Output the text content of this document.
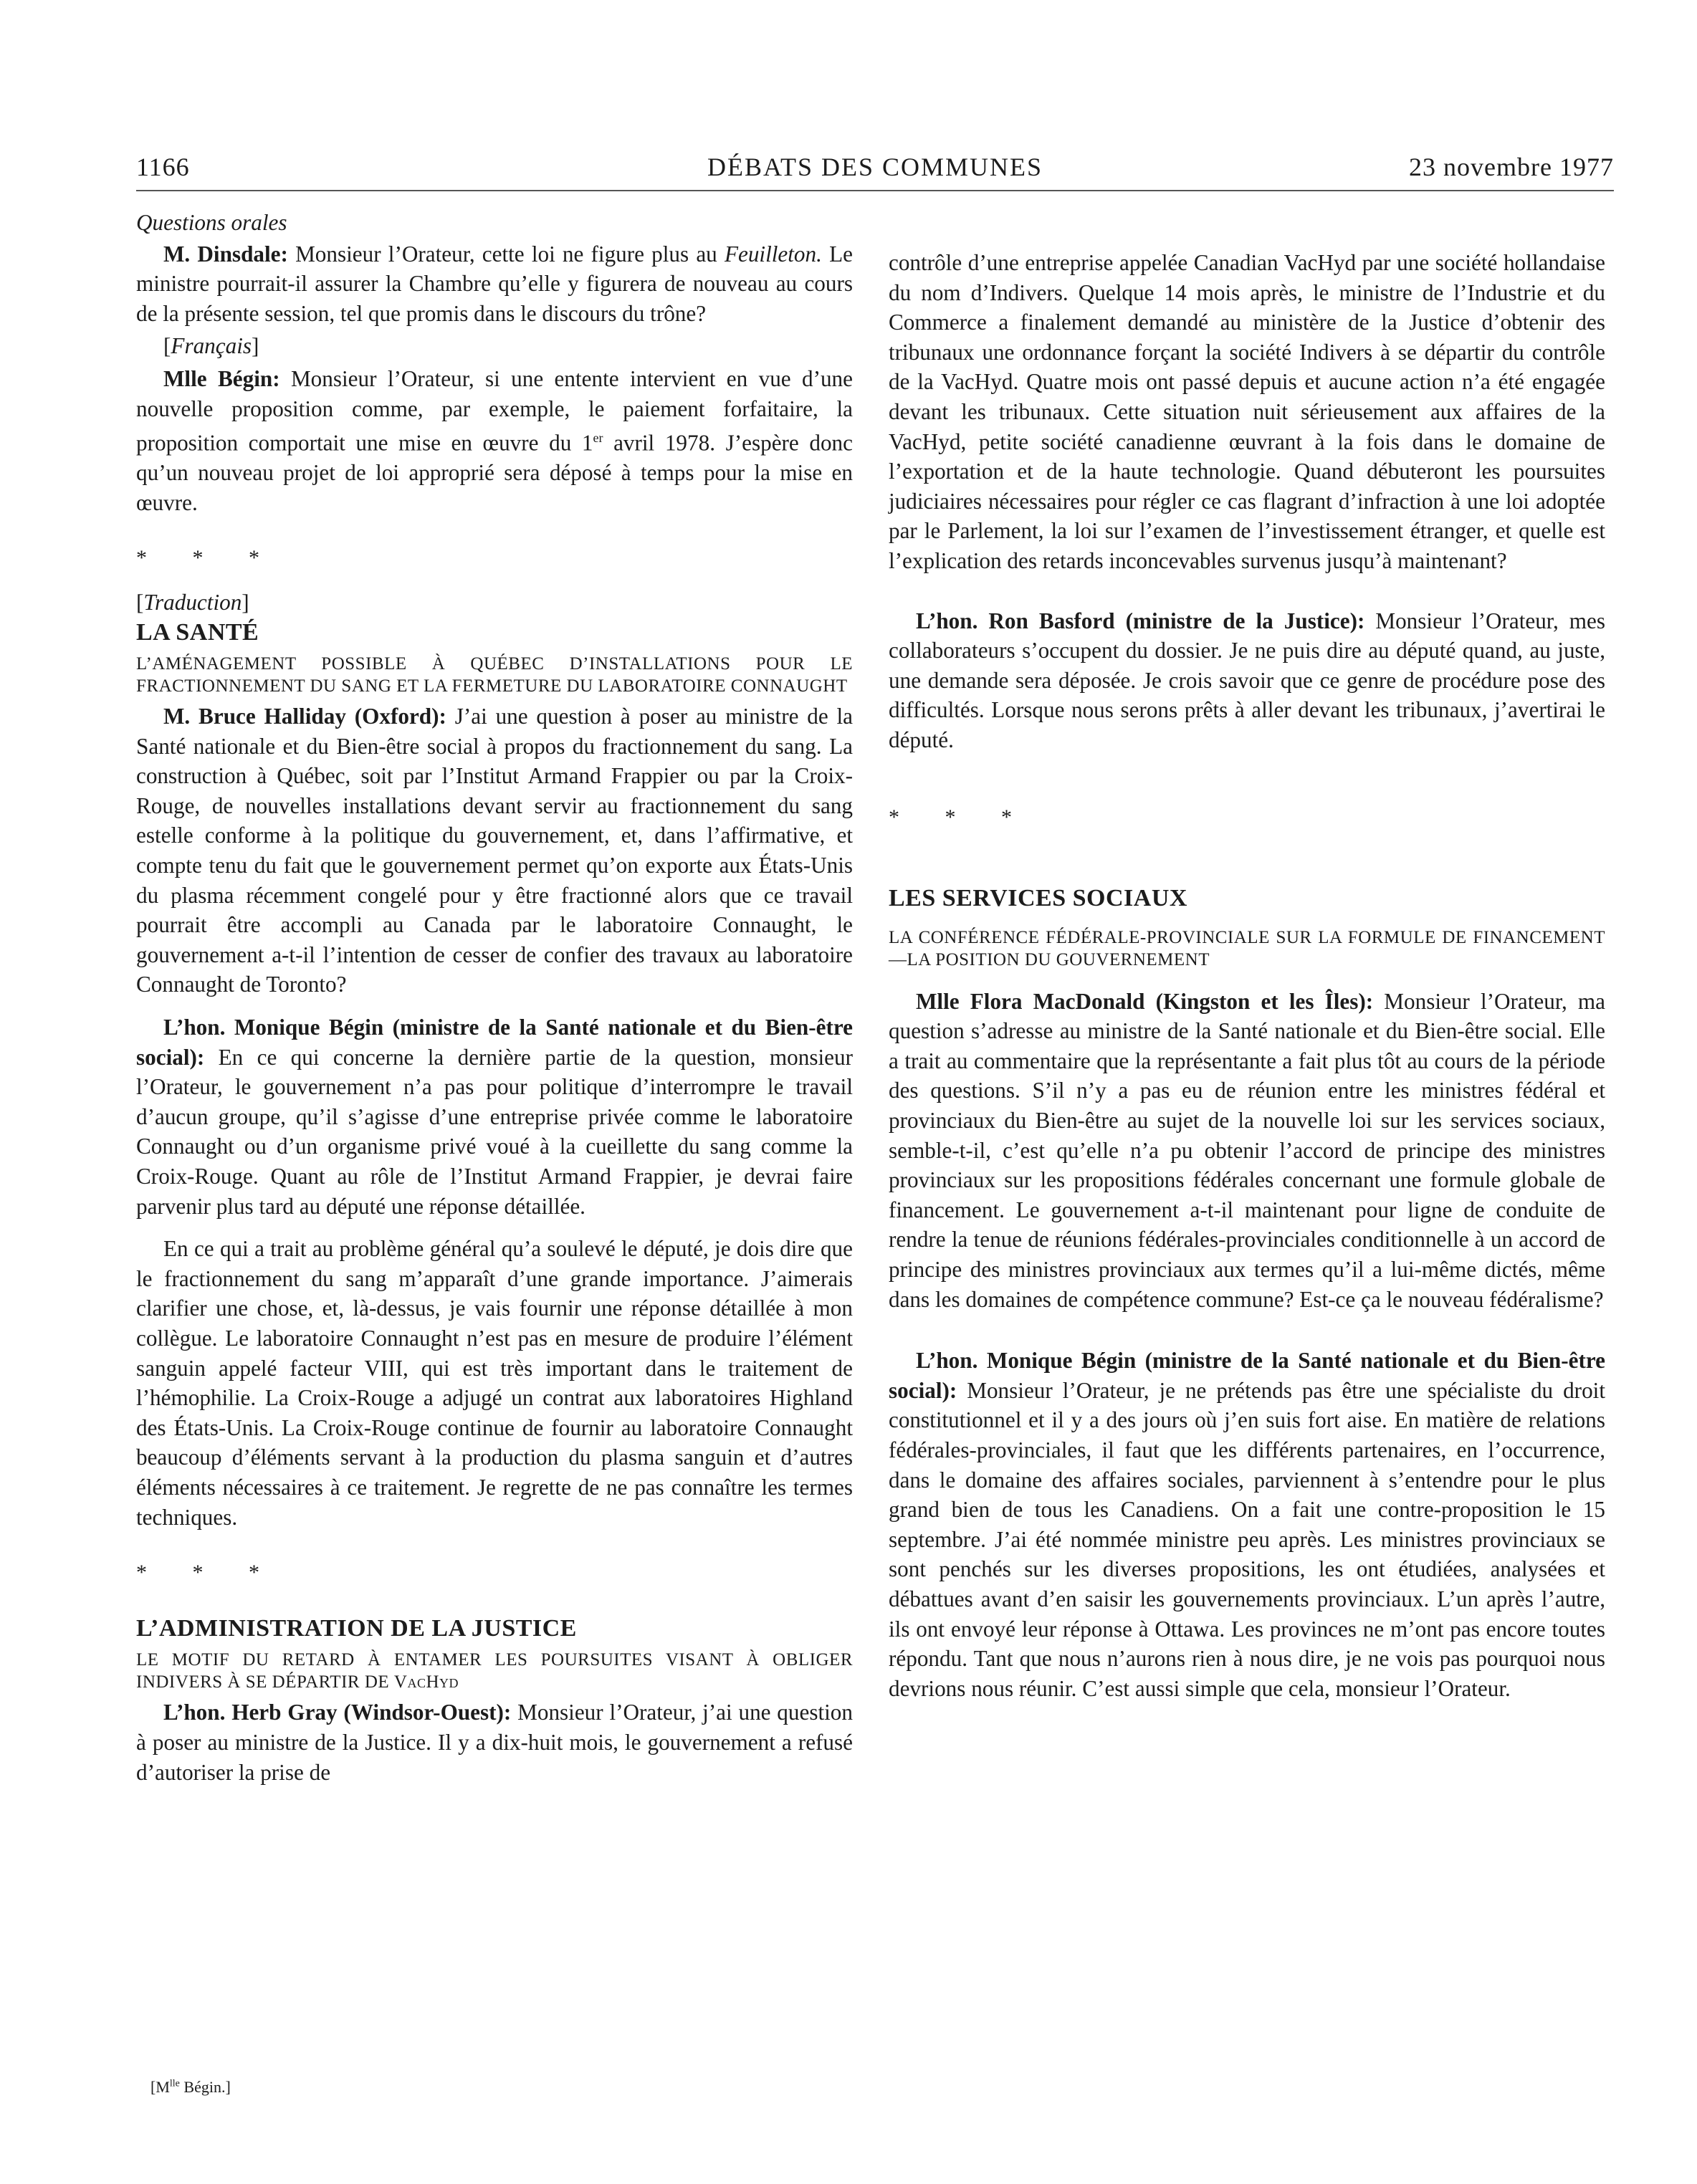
1166	DÉBATS DES COMMUNES	23 novembre 1977

Questions orales

M. Dinsdale: Monsieur l’Orateur, cette loi ne figure plus au Feuilleton. Le ministre pourrait-il assurer la Chambre qu’elle y figurera de nouveau au cours de la présente session, tel que promis dans le discours du trône?

[Français]

Mlle Bégin: Monsieur l’Orateur, si une entente intervient en vue d’une nouvelle proposition comme, par exemple, le paiement forfaitaire, la proposition comportait une mise en œuvre du 1er avril 1978. J’espère donc qu’un nouveau projet de loi approprié sera déposé à temps pour la mise en œuvre.

* * *

[Traduction]

LA SANTÉ

L’AMÉNAGEMENT POSSIBLE À QUÉBEC D’INSTALLATIONS POUR LE FRACTIONNEMENT DU SANG ET LA FERMETURE DU LABORATOIRE CONNAUGHT

M. Bruce Halliday (Oxford): J’ai une question à poser au ministre de la Santé nationale et du Bien-être social à propos du fractionnement du sang. La construction à Québec, soit par l’Institut Armand Frappier ou par la Croix-Rouge, de nouvelles installations devant servir au fractionnement du sang estelle conforme à la politique du gouvernement, et, dans l’affirmative, et compte tenu du fait que le gouvernement permet qu’on exporte aux États-Unis du plasma récemment congelé pour y être fractionné alors que ce travail pourrait être accompli au Canada par le laboratoire Connaught, le gouvernement a-t-il l’intention de cesser de confier des travaux au laboratoire Connaught de Toronto?

L’hon. Monique Bégin (ministre de la Santé nationale et du Bien-être social): En ce qui concerne la dernière partie de la question, monsieur l’Orateur, le gouvernement n’a pas pour politique d’interrompre le travail d’aucun groupe, qu’il s’agisse d’une entreprise privée comme le laboratoire Connaught ou d’un organisme privé voué à la cueillette du sang comme la Croix-Rouge. Quant au rôle de l’Institut Armand Frappier, je devrai faire parvenir plus tard au député une réponse détaillée.

En ce qui a trait au problème général qu’a soulevé le député, je dois dire que le fractionnement du sang m’apparaît d’une grande importance. J’aimerais clarifier une chose, et, là-dessus, je vais fournir une réponse détaillée à mon collègue. Le laboratoire Connaught n’est pas en mesure de produire l’élément sanguin appelé facteur VIII, qui est très important dans le traitement de l’hémophilie. La Croix-Rouge a adjugé un contrat aux laboratoires Highland des États-Unis. La Croix-Rouge continue de fournir au laboratoire Connaught beaucoup d’éléments servant à la production du plasma sanguin et d’autres éléments nécessaires à ce traitement. Je regrette de ne pas connaître les termes techniques.

* * *

L’ADMINISTRATION DE LA JUSTICE

LE MOTIF DU RETARD À ENTAMER LES POURSUITES VISANT À OBLIGER INDIVERS À SE DÉPARTIR DE VacHyd

L’hon. Herb Gray (Windsor-Ouest): Monsieur l’Orateur, j’ai une question à poser au ministre de la Justice. Il y a dix-huit mois, le gouvernement a refusé d’autoriser la prise de

[$M^{lle}$ Bégin.]

contrôle d’une entreprise appelée Canadian VacHyd par une société hollandaise du nom d’Indivers. Quelque 14 mois après, le ministre de l’Industrie et du Commerce a finalement demandé au ministère de la Justice d’obtenir des tribunaux une ordonnance forçant la société Indivers à se départir du contrôle de la VacHyd. Quatre mois ont passé depuis et aucune action n’a été engagée devant les tribunaux. Cette situation nuit sérieusement aux affaires de la VacHyd, petite société canadienne œuvrant à la fois dans le domaine de l’exportation et de la haute technologie. Quand débuteront les poursuites judiciaires nécessaires pour régler ce cas flagrant d’infraction à une loi adoptée par le Parlement, la loi sur l’examen de l’investissement étranger, et quelle est l’explication des retards inconcevables survenus jusqu’à maintenant?

L’hon. Ron Basford (ministre de la Justice): Monsieur l’Orateur, mes collaborateurs s’occupent du dossier. Je ne puis dire au député quand, au juste, une demande sera déposée. Je crois savoir que ce genre de procédure pose des difficultés. Lorsque nous serons prêts à aller devant les tribunaux, j’avertirai le député.

* * *

LES SERVICES SOCIAUX

LA CONFÉRENCE FÉDÉRALE-PROVINCIALE SUR LA FORMULE DE FINANCEMENT—LA POSITION DU GOUVERNEMENT

Mlle Flora MacDonald (Kingston et les Îles): Monsieur l’Orateur, ma question s’adresse au ministre de la Santé nationale et du Bien-être social. Elle a trait au commentaire que la représentante a fait plus tôt au cours de la période des questions. S’il n’y a pas eu de réunion entre les ministres fédéral et provinciaux du Bien-être au sujet de la nouvelle loi sur les services sociaux, semble-t-il, c’est qu’elle n’a pu obtenir l’accord de principe des ministres provinciaux sur les propositions fédérales concernant une formule globale de financement. Le gouvernement a-t-il maintenant pour ligne de conduite de rendre la tenue de réunions fédérales-provinciales conditionnelle à un accord de principe des ministres provinciaux aux termes qu’il a lui-même dictés, même dans les domaines de compétence commune? Est-ce ça le nouveau fédéralisme?

L’hon. Monique Bégin (ministre de la Santé nationale et du Bien-être social): Monsieur l’Orateur, je ne prétends pas être une spécialiste du droit constitutionnel et il y a des jours où j’en suis fort aise. En matière de relations fédérales-provinciales, il faut que les différents partenaires, en l’occurrence, dans le domaine des affaires sociales, parviennent à s’entendre pour le plus grand bien de tous les Canadiens. On a fait une contre-proposition le 15 septembre. J’ai été nommée ministre peu après. Les ministres provinciaux se sont penchés sur les diverses propositions, les ont étudiées, analysées et débattues avant d’en saisir les gouvernements provinciaux. L’un après l’autre, ils ont envoyé leur réponse à Ottawa. Les provinces ne m’ont pas encore toutes répondu. Tant que nous n’aurons rien à nous dire, je ne vois pas pourquoi nous devrions nous réunir. C’est aussi simple que cela, monsieur l’Orateur.
